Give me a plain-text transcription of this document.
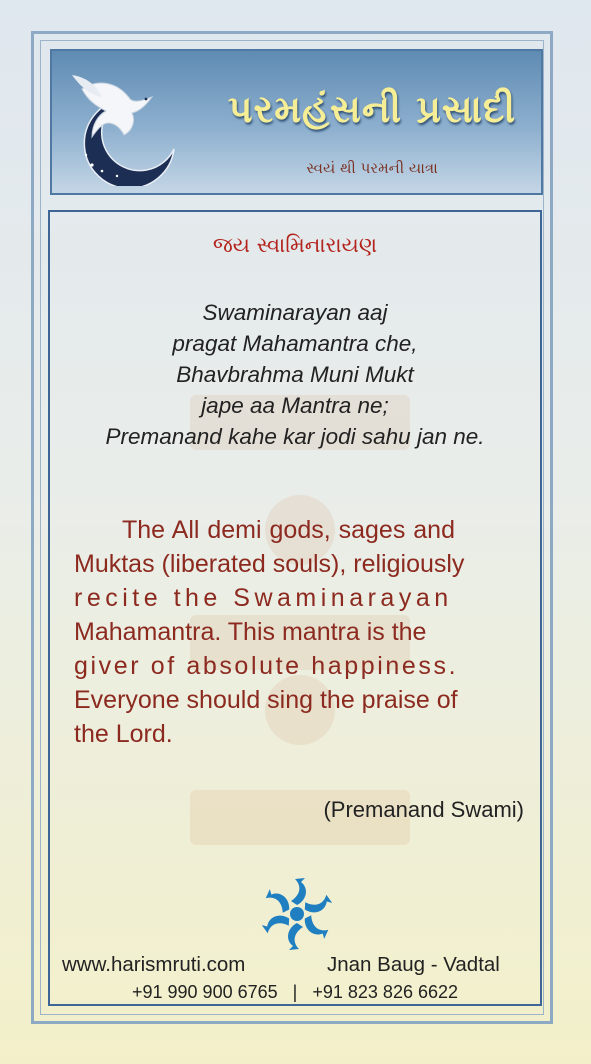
પરમહંસની પ્રસાદી
સ્વયં થી પરમની યાત્રા
જય સ્વામિનારાયણ
Swaminarayan aaj
pragat Mahamantra che,
Bhavbrahma Muni Mukt
jape aa Mantra ne;
Premanand kahe kar jodi sahu jan ne.
The All demi gods, sages and
Muktas (liberated souls), religiously
recite the Swaminarayan
Mahamantra. This mantra is the
giver of absolute happiness.
Everyone should sing the praise of
the Lord.
(Premanand Swami)
www.harismruti.com	Jnan Baug - Vadtal
+91 990 900 6765 | +91 823 826 6622
